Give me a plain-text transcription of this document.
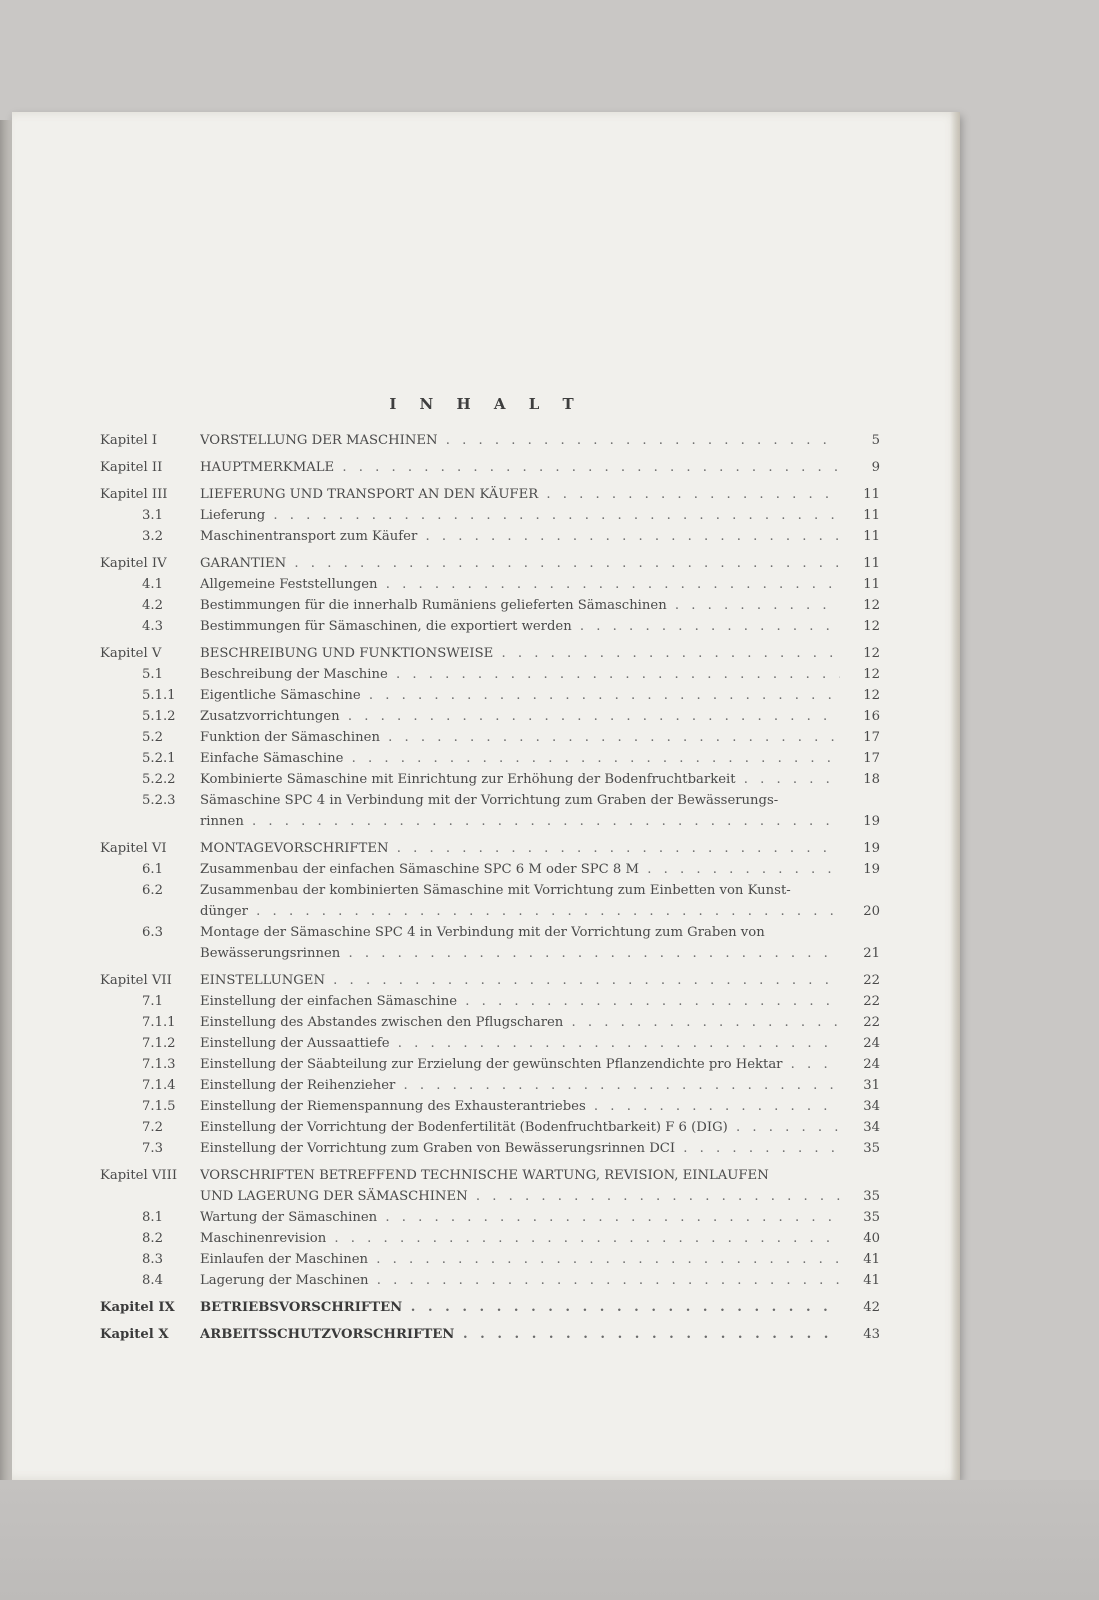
I N H A L T
Kapitel I	VORSTELLUNG DER MASCHINEN . . .	5
Kapitel II	HAUPTMERKMALE . . .	9
Kapitel III	LIEFERUNG UND TRANSPORT AN DEN KÄUFER . . .	11
3.1	Lieferung . . .	11
3.2	Maschinentransport zum Käufer . . .	11
Kapitel IV	GARANTIEN . . .	11
4.1	Allgemeine Feststellungen . . .	11
4.2	Bestimmungen für die innerhalb Rumäniens gelieferten Sämaschinen . . .	12
4.3	Bestimmungen für Sämaschinen, die exportiert werden . . .	12
Kapitel V	BESCHREIBUNG UND FUNKTIONSWEISE . . .	12
5.1	Beschreibung der Maschine . . .	12
5.1.1	Eigentliche Sämaschine . . .	12
5.1.2	Zusatzvorrichtungen . . .	16
5.2	Funktion der Sämaschinen . . .	17
5.2.1	Einfache Sämaschine . . .	17
5.2.2	Kombinierte Sämaschine mit Einrichtung zur Erhöhung der Bodenfruchtbarkeit . . .	18
5.2.3	Sämaschine SPC 4 in Verbindung mit der Vorrichtung zum Graben der Bewässerungs-
rinnen . . .	19
Kapitel VI	MONTAGEVORSCHRIFTEN . . .	19
6.1	Zusammenbau der einfachen Sämaschine SPC 6 M oder SPC 8 M . . .	19
6.2	Zusammenbau der kombinierten Sämaschine mit Vorrichtung zum Einbetten von Kunst-
dünger . . .	20
6.3	Montage der Sämaschine SPC 4 in Verbindung mit der Vorrichtung zum Graben von
Bewässerungsrinnen . . .	21
Kapitel VII	EINSTELLUNGEN . . .	22
7.1	Einstellung der einfachen Sämaschine . . .	22
7.1.1	Einstellung des Abstandes zwischen den Pflugscharen . . .	22
7.1.2	Einstellung der Aussaattiefe . . .	24
7.1.3	Einstellung der Säabteilung zur Erzielung der gewünschten Pflanzendichte pro Hektar . . .	24
7.1.4	Einstellung der Reihenzieher . . .	31
7.1.5	Einstellung der Riemenspannung des Exhausterantriebes . . .	34
7.2	Einstellung der Vorrichtung der Bodenfertilität (Bodenfruchtbarkeit) F 6 (DIG) . . .	34
7.3	Einstellung der Vorrichtung zum Graben von Bewässerungsrinnen DCI . . .	35
Kapitel VIII	VORSCHRIFTEN BETREFFEND TECHNISCHE WARTUNG, REVISION, EINLAUFEN
UND LAGERUNG DER SÄMASCHINEN . . .	35
8.1	Wartung der Sämaschinen . . .	35
8.2	Maschinenrevision . . .	40
8.3	Einlaufen der Maschinen . . .	41
8.4	Lagerung der Maschinen . . .	41
Kapitel IX	BETRIEBSVORSCHRIFTEN . . .	42
Kapitel X	ARBEITSSCHUTZVORSCHRIFTEN . . .	43
